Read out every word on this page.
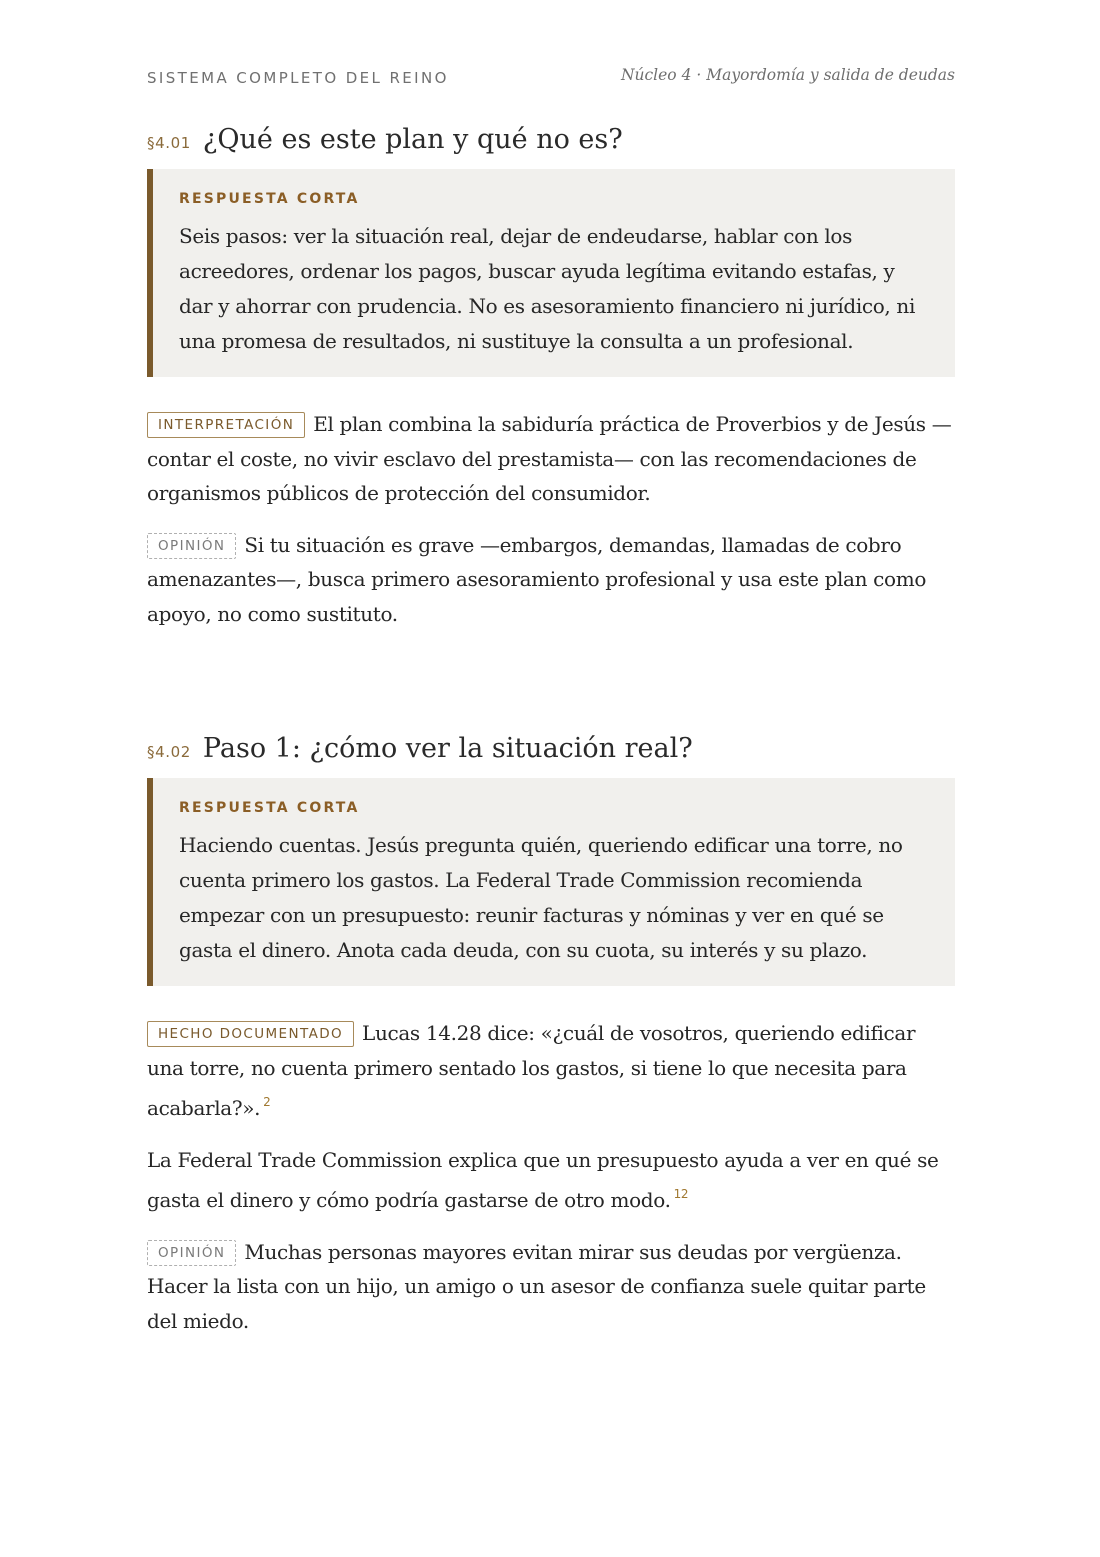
SISTEMA COMPLETO DEL REINO	Núcleo 4 · Mayordomía y salida de deudas
§4.01 ¿Qué es este plan y qué no es?
RESPUESTA CORTA
Seis pasos: ver la situación real, dejar de endeudarse, hablar con los acreedores, ordenar los pagos, buscar ayuda legítima evitando estafas, y dar y ahorrar con prudencia. No es asesoramiento financiero ni jurídico, ni una promesa de resultados, ni sustituye la consulta a un profesional.

INTERPRETACIÓN El plan combina la sabiduría práctica de Proverbios y de Jesús —contar el coste, no vivir esclavo del prestamista— con las recomendaciones de organismos públicos de protección del consumidor.

OPINIÓN Si tu situación es grave —embargos, demandas, llamadas de cobro amenazantes—, busca primero asesoramiento profesional y usa este plan como apoyo, no como sustituto.

§4.02 Paso 1: ¿cómo ver la situación real?
RESPUESTA CORTA
Haciendo cuentas. Jesús pregunta quién, queriendo edificar una torre, no cuenta primero los gastos. La Federal Trade Commission recomienda empezar con un presupuesto: reunir facturas y nóminas y ver en qué se gasta el dinero. Anota cada deuda, con su cuota, su interés y su plazo.

HECHO DOCUMENTADO Lucas 14.28 dice: «¿cuál de vosotros, queriendo edificar una torre, no cuenta primero sentado los gastos, si tiene lo que necesita para acabarla?». $^2$

La Federal Trade Commission explica que un presupuesto ayuda a ver en qué se gasta el dinero y cómo podría gastarse de otro modo. $^{12}$

OPINIÓN Muchas personas mayores evitan mirar sus deudas por vergüenza. Hacer la lista con un hijo, un amigo o un asesor de confianza suele quitar parte del miedo.
